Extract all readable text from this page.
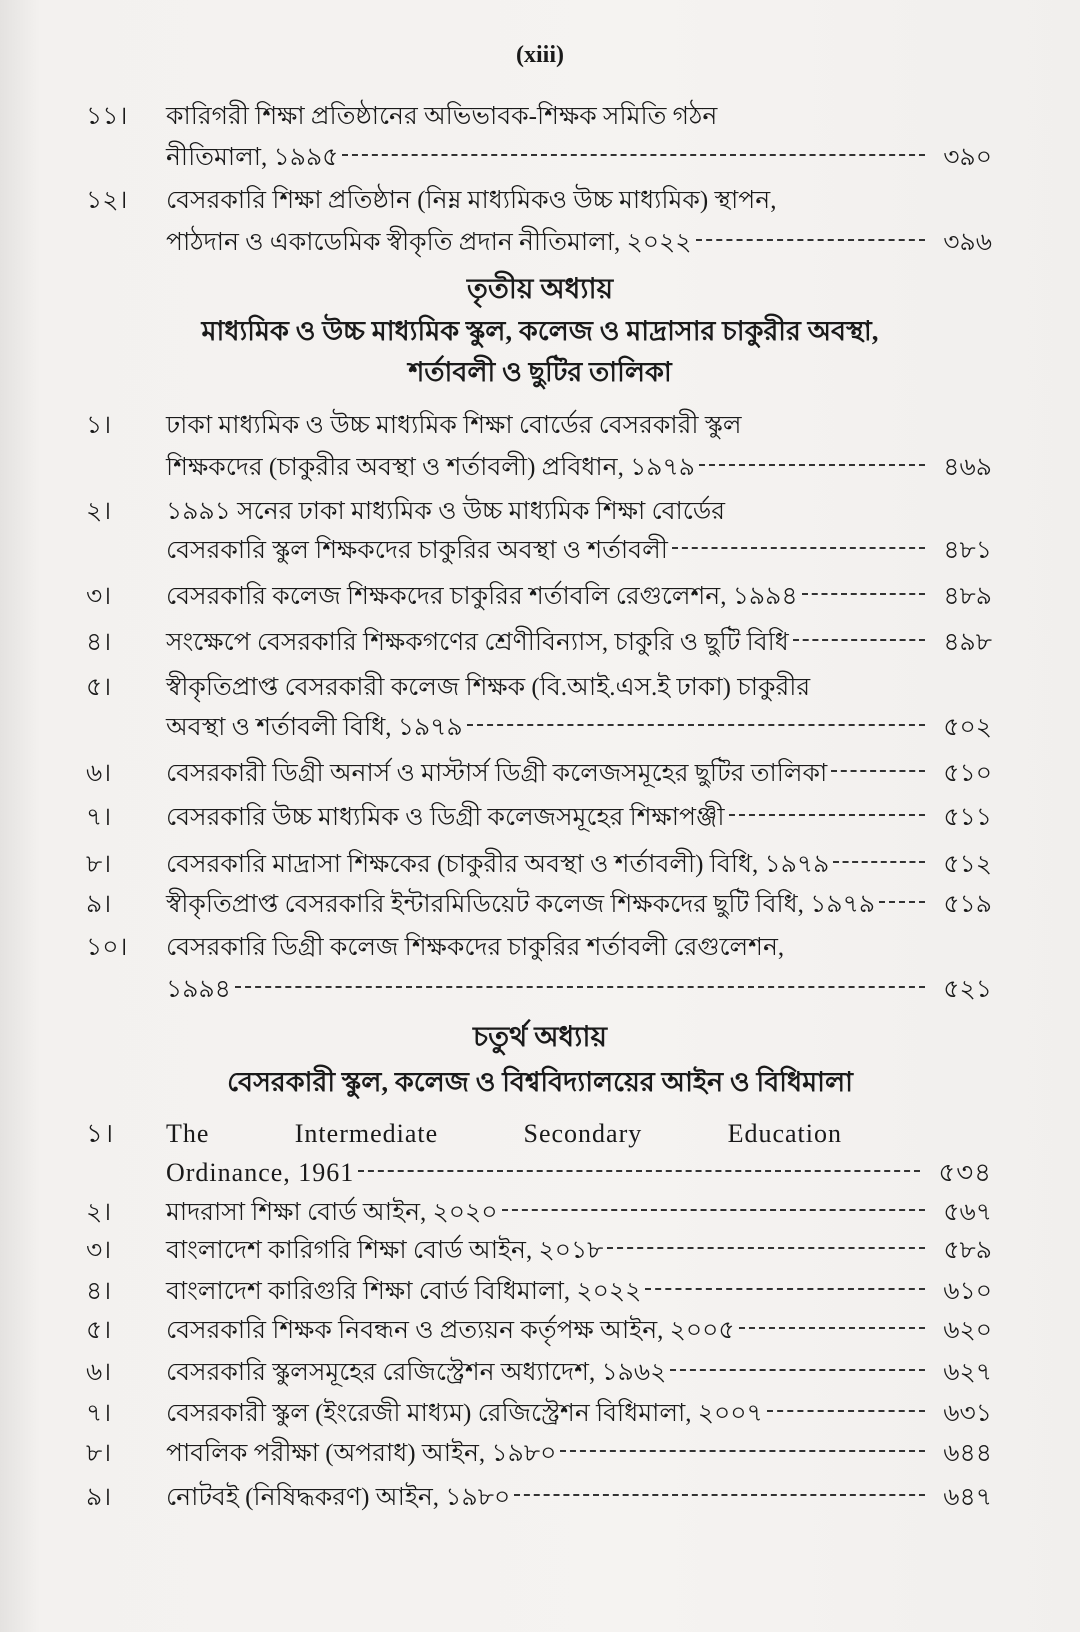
(xiii)
১১। কারিগরী শিক্ষা প্রতিষ্ঠানের অভিভাবক-শিক্ষক সমিতি গঠন
নীতিমালা, ১৯৯৫	৩৯০
১২। বেসরকারি শিক্ষা প্রতিষ্ঠান (নিম্ন মাধ্যমিকও উচ্চ মাধ্যমিক) স্থাপন,
পাঠদান ও একাডেমিক স্বীকৃতি প্রদান নীতিমালা, ২০২২	৩৯৬
তৃতীয় অধ্যায়
মাধ্যমিক ও উচ্চ মাধ্যমিক স্কুল, কলেজ ও মাদ্রাসার চাকুরীর অবস্থা,
শর্তাবলী ও ছুটির তালিকা
১। ঢাকা মাধ্যমিক ও উচ্চ মাধ্যমিক শিক্ষা বোর্ডের বেসরকারী স্কুল
শিক্ষকদের (চাকুরীর অবস্থা ও শর্তাবলী) প্রবিধান, ১৯৭৯	৪৬৯
২। ১৯৯১ সনের ঢাকা মাধ্যমিক ও উচ্চ মাধ্যমিক শিক্ষা বোর্ডের
বেসরকারি স্কুল শিক্ষকদের চাকুরির অবস্থা ও শর্তাবলী	৪৮১
৩। বেসরকারি কলেজ শিক্ষকদের চাকুরির শর্তাবলি রেগুলেশন, ১৯৯৪	৪৮৯
৪। সংক্ষেপে বেসরকারি শিক্ষকগণের শ্রেণীবিন্যাস, চাকুরি ও ছুটি বিধি	৪৯৮
৫। স্বীকৃতিপ্রাপ্ত বেসরকারী কলেজ শিক্ষক (বি.আই.এস.ই ঢাকা) চাকুরীর
অবস্থা ও শর্তাবলী বিধি, ১৯৭৯	৫০২
৬। বেসরকারী ডিগ্রী অনার্স ও মাস্টার্স ডিগ্রী কলেজসমূহের ছুটির তালিকা	৫১০
৭। বেসরকারি উচ্চ মাধ্যমিক ও ডিগ্রী কলেজসমূহের শিক্ষাপঞ্জী	৫১১
৮। বেসরকারি মাদ্রাসা শিক্ষকের (চাকুরীর অবস্থা ও শর্তাবলী) বিধি, ১৯৭৯	৫১২
৯। স্বীকৃতিপ্রাপ্ত বেসরকারি ইন্টারমিডিয়েট কলেজ শিক্ষকদের ছুটি বিধি, ১৯৭৯	৫১৯
১০। বেসরকারি ডিগ্রী কলেজ শিক্ষকদের চাকুরির শর্তাবলী রেগুলেশন,
১৯৯৪	৫২১
চতুর্থ অধ্যায়
বেসরকারী স্কুল, কলেজ ও বিশ্ববিদ্যালয়ের আইন ও বিধিমালা
১। The	Intermediate	Secondary	Education
Ordinance, 1961	৫৩৪
২। মাদরাসা শিক্ষা বোর্ড আইন, ২০২০	৫৬৭
৩। বাংলাদেশ কারিগরি শিক্ষা বোর্ড আইন, ২০১৮	৫৮৯
৪। বাংলাদেশ কারিগুরি শিক্ষা বোর্ড বিধিমালা, ২০২২	৬১০
৫। বেসরকারি শিক্ষক নিবন্ধন ও প্রত্যয়ন কর্তৃপক্ষ আইন, ২০০৫	৬২০
৬। বেসরকারি স্কুলসমূহের রেজিস্ট্রেশন অধ্যাদেশ, ১৯৬২	৬২৭
৭। বেসরকারী স্কুল (ইংরেজী মাধ্যম) রেজিস্ট্রেশন বিধিমালা, ২০০৭	৬৩১
৮। পাবলিক পরীক্ষা (অপরাধ) আইন, ১৯৮০	৬৪৪
৯। নোটবই (নিষিদ্ধকরণ) আইন, ১৯৮০	৬৪৭
